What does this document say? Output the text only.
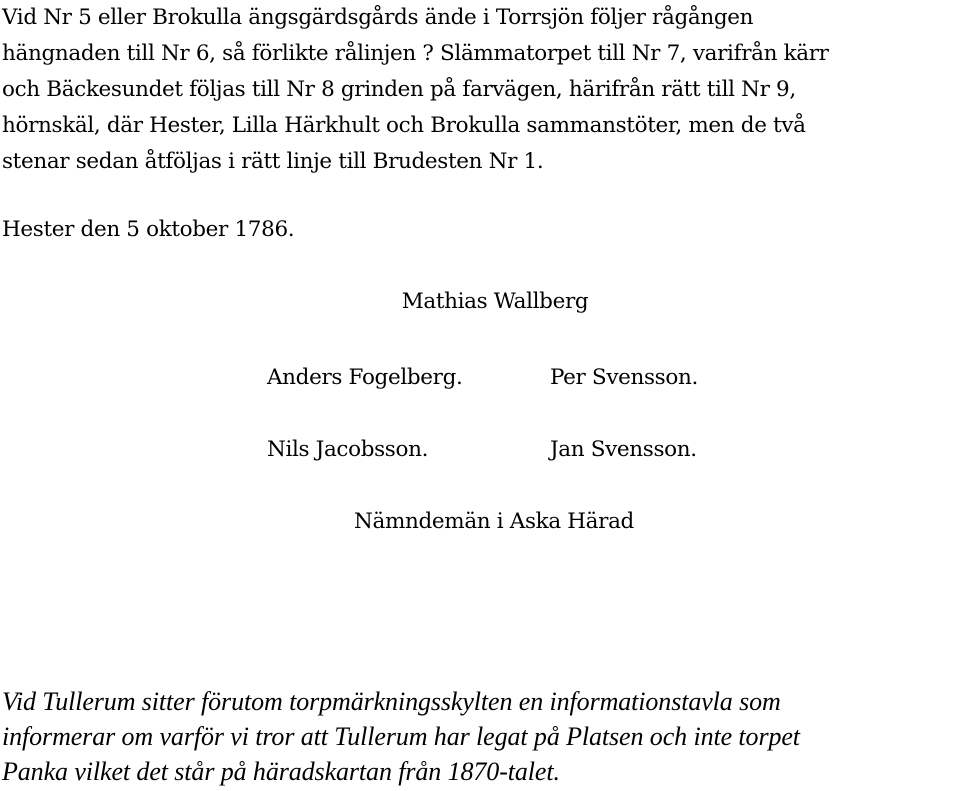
Vid Nr 5 eller Brokulla ängsgärdsgårds ände i Torrsjön följer rågången
hängnaden till Nr 6, så förlikte rålinjen ? Slämmatorpet till Nr 7, varifrån kärr
och Bäckesundet följas till Nr 8 grinden på farvägen, härifrån rätt till Nr 9,
hörnskäl, där Hester, Lilla Härkhult och Brokulla sammanstöter, men de två
stenar sedan åtföljas i rätt linje till Brudesten Nr 1.

Hester den 5 oktober 1786.
Mathias Wallberg
Anders Fogelberg.	Per Svensson.
Nils Jacobsson.	Jan Svensson.
Nämndemän i Aska Härad

Vid Tullerum sitter förutom torpmärkningsskylten en informationstavla som
informerar om varför vi tror att Tullerum har legat på Platsen och inte torpet
Panka vilket det står på häradskartan från 1870-talet.
